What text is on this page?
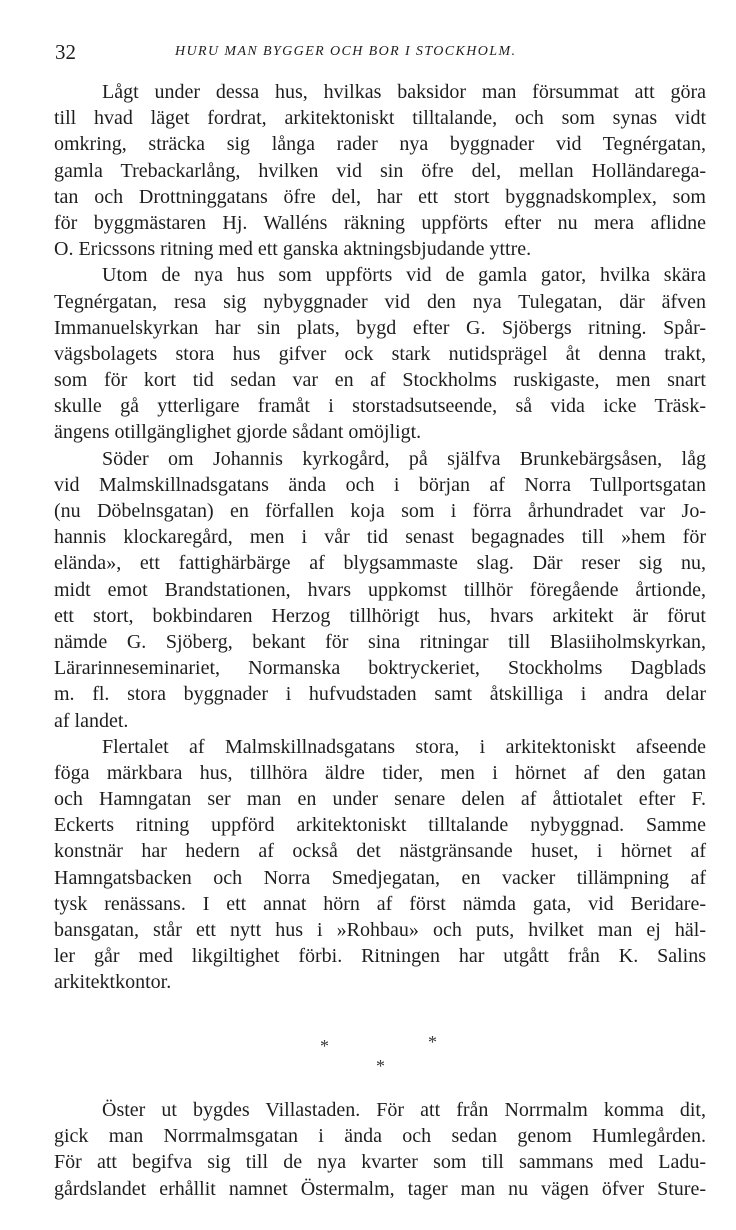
32	HURU MAN BYGGER OCH BOR I STOCKHOLM.
Lågt under dessa hus, hvilkas baksidor man försummat att göra
till hvad läget fordrat, arkitektoniskt tilltalande, och som synas vidt
omkring, sträcka sig långa rader nya byggnader vid Tegnérgatan,
gamla Trebackarlång, hvilken vid sin öfre del, mellan Holländarega-
tan och Drottninggatans öfre del, har ett stort byggnadskomplex, som
för byggmästaren Hj. Walléns räkning uppförts efter nu mera aflidne
O. Ericssons ritning med ett ganska aktningsbjudande yttre.
Utom de nya hus som uppförts vid de gamla gator, hvilka skära
Tegnérgatan, resa sig nybyggnader vid den nya Tulegatan, där äfven
Immanuelskyrkan har sin plats, bygd efter G. Sjöbergs ritning. Spår-
vägsbolagets stora hus gifver ock stark nutidsprägel åt denna trakt,
som för kort tid sedan var en af Stockholms ruskigaste, men snart
skulle gå ytterligare framåt i storstadsutseende, så vida icke Träsk-
ängens otillgänglighet gjorde sådant omöjligt.
Söder om Johannis kyrkogård, på själfva Brunkebärgsåsen, låg
vid Malmskillnadsgatans ända och i början af Norra Tullportsgatan
(nu Döbelnsgatan) en förfallen koja som i förra århundradet var Jo-
hannis klockaregård, men i vår tid senast begagnades till »hem för
elända», ett fattighärbärge af blygsammaste slag. Där reser sig nu,
midt emot Brandstationen, hvars uppkomst tillhör föregående årtionde,
ett stort, bokbindaren Herzog tillhörigt hus, hvars arkitekt är förut
nämde G. Sjöberg, bekant för sina ritningar till Blasiiholmskyrkan,
Lärarinneseminariet, Normanska boktryckeriet, Stockholms Dagblads
m. fl. stora byggnader i hufvudstaden samt åtskilliga i andra delar
af landet.
Flertalet af Malmskillnadsgatans stora, i arkitektoniskt afseende
föga märkbara hus, tillhöra äldre tider, men i hörnet af den gatan
och Hamngatan ser man en under senare delen af åttiotalet efter F.
Eckerts ritning uppförd arkitektoniskt tilltalande nybyggnad. Samme
konstnär har hedern af också det nästgränsande huset, i hörnet af
Hamngatsbacken och Norra Smedjegatan, en vacker tillämpning af
tysk renässans. I ett annat hörn af först nämda gata, vid Beridare-
bansgatan, står ett nytt hus i »Rohbau» och puts, hvilket man ej häl-
ler går med likgiltighet förbi. Ritningen har utgått från K. Salins
arkitektkontor.
*	*
*
Öster ut bygdes Villastaden. För att från Norrmalm komma dit,
gick man Norrmalmsgatan i ända och sedan genom Humlegården.
För att begifva sig till de nya kvarter som till sammans med Ladu-
gårdslandet erhållit namnet Östermalm, tager man nu vägen öfver Sture-
